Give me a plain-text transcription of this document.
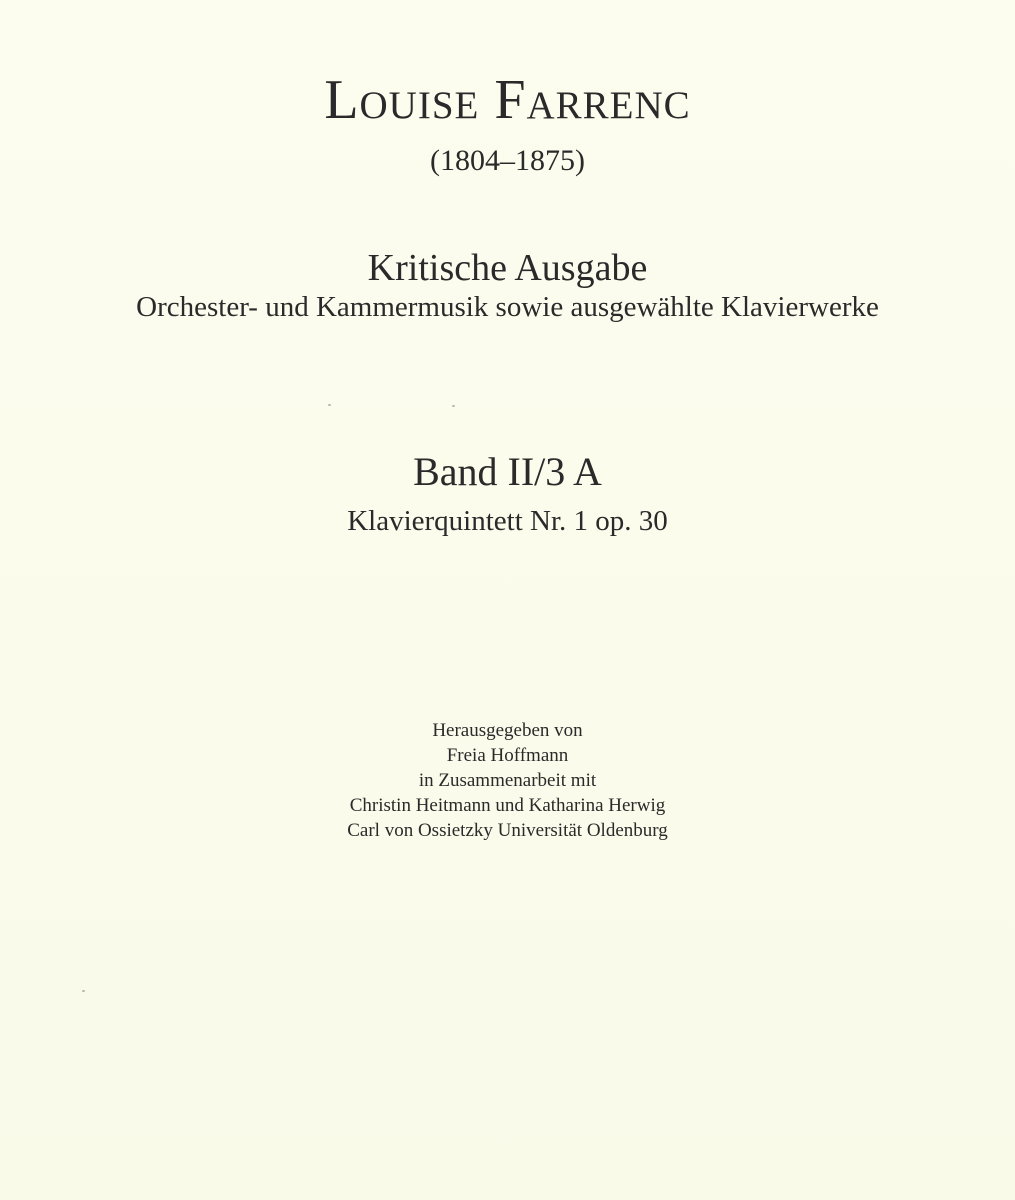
Louise Farrenc
(1804–1875)
Kritische Ausgabe
Orchester- und Kammermusik sowie ausgewählte Klavierwerke
Band II/3 A
Klavierquintett Nr. 1 op. 30
Herausgegeben von
Freia Hoffmann
in Zusammenarbeit mit
Christin Heitmann und Katharina Herwig
Carl von Ossietzky Universität Oldenburg
